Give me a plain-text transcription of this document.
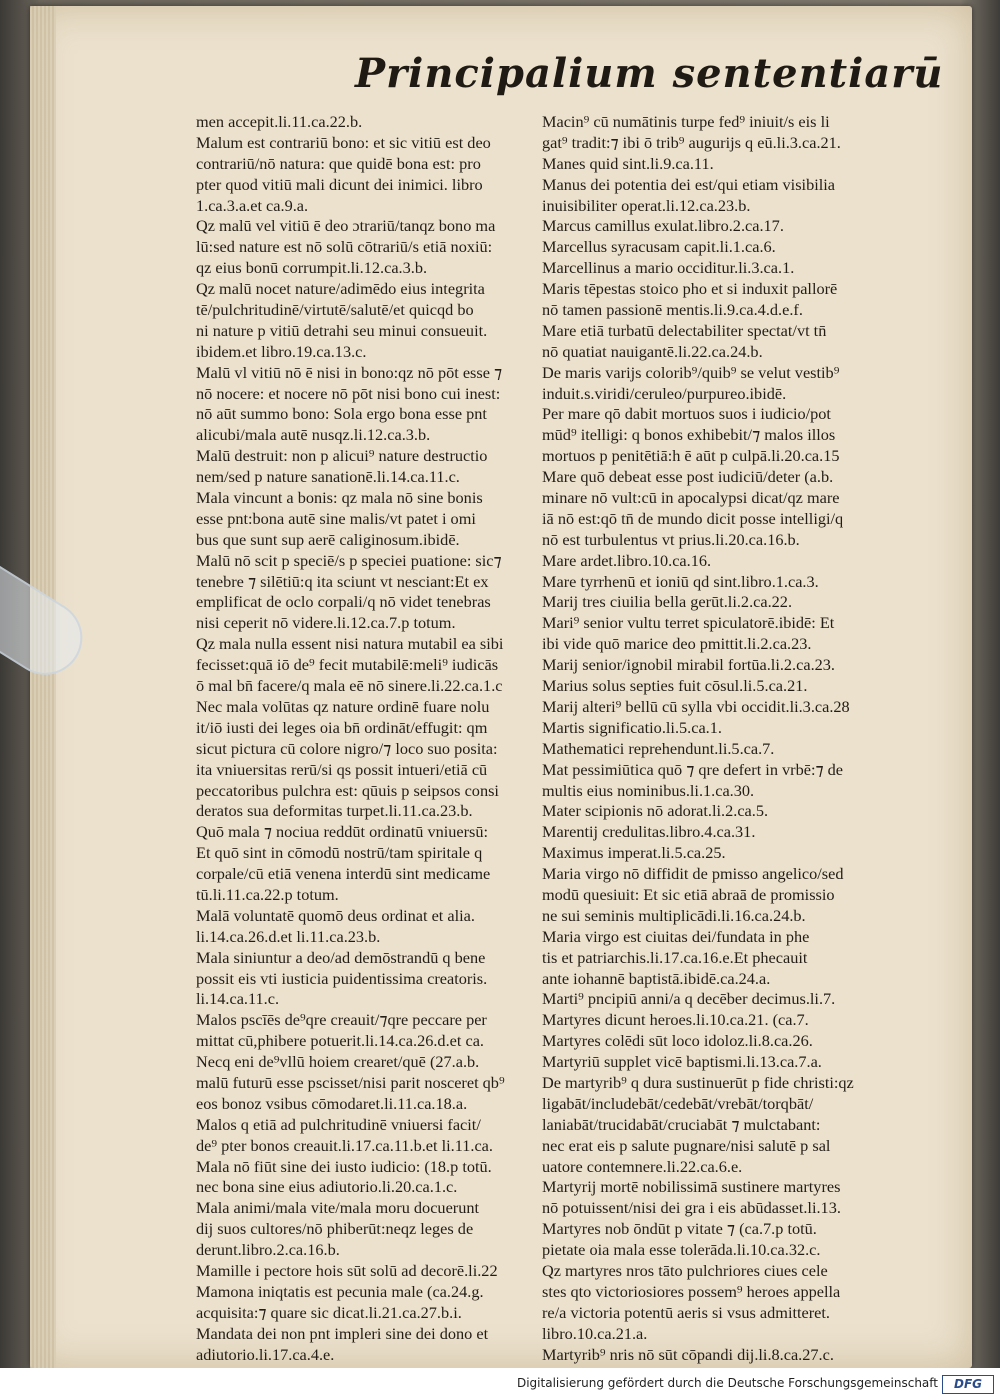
Principalium sententiarū
men accepit.li.11.ca.22.b.
Malum est contrariū bono: et sic vitiū est deo
contrariū/nō natura: que quidē bona est: pro
pter quod vitiū mali dicunt dei inimici. libro
1.ca.3.a.et ca.9.a.
Qz malū vel vitiū ē deo ɔtrariū/tanqz bono ma
lū:sed nature est nō solū cōtrariū/s etiā noxiū:
qz eius bonū corrumpit.li.12.ca.3.b.
Qz malū nocet nature/adimēdo eius integrita
tē/pulchritudinē/virtutē/salutē/et quicqd bo
ni nature p vitiū detrahi seu minui consueuit.
ibidem.et libro.19.ca.13.c.
Malū vl vitiū nō ē nisi in bono:qz nō pōt esse ⁊
nō nocere: et nocere nō pōt nisi bono cui inest:
nō aūt summo bono: Sola ergo bona esse pnt
alicubi/mala autē nusqz.li.12.ca.3.b.
Malū destruit: non p alicui⁹ nature destructio
nem/sed p nature sanationē.li.14.ca.11.c.
Mala vincunt a bonis: qz mala nō sine bonis
esse pnt:bona autē sine malis/vt patet i omi
bus que sunt sup aerē caliginosum.ibidē.
Malū nō scit p speciē/s p speciei puatione: sic⁊
tenebre ⁊ silētiū:q ita sciunt vt nesciant:Et ex
emplificat de oclo corpali/q nō videt tenebras
nisi ceperit nō videre.li.12.ca.7.p totum.
Qz mala nulla essent nisi natura mutabil ea sibi
fecisset:quā iō de⁹ fecit mutabilē:meli⁹ iudicās
ō mal bn̄ facere/q mala eē nō sinere.li.22.ca.1.c
Nec mala volūtas qz nature ordinē fuare nolu
it/iō iusti dei leges oia bn̄ ordināt/effugit: qm
sicut pictura cū colore nigro/⁊ loco suo posita:
ita vniuersitas rerū/si qs possit intueri/etiā cū
peccatoribus pulchra est: qūuis p seipsos consi
deratos sua deformitas turpet.li.11.ca.23.b.
Quō mala ⁊ nociua reddūt ordinatū vniuersū:
Et quō sint in cōmodū nostrū/tam spiritale q
corpale/cū etiā venena interdū sint medicame
tū.li.11.ca.22.p totum.
Malā voluntatē quomō deus ordinat et alia.
li.14.ca.26.d.et li.11.ca.23.b.
Mala siniuntur a deo/ad demōstrandū q bene
possit eis vti iusticia puidentissima creatoris.
li.14.ca.11.c.
Malos pscīēs de⁹qre creauit/⁊qre peccare per
mittat cū,phibere potuerit.li.14.ca.26.d.et ca.
Necq eni de⁹vllū hoiem crearet/quē (27.a.b.
malū futurū esse pscisset/nisi parit nosceret qb⁹
eos bonoz vsibus cōmodaret.li.11.ca.18.a.
Malos q etiā ad pulchritudinē vniuersi facit/
de⁹ pter bonos creauit.li.17.ca.11.b.et li.11.ca.
Mala nō fiūt sine dei iusto iudicio: (18.p totū.
nec bona sine eius adiutorio.li.20.ca.1.c.
Mala animi/mala vite/mala moru docuerunt
dij suos cultores/nō phiberūt:neqz leges de
derunt.libro.2.ca.16.b.
Mamille i pectore hois sūt solū ad decorē.li.22
Mamona iniqtatis est pecunia male (ca.24.g.
acquisita:⁊ quare sic dicat.li.21.ca.27.b.i.
Mandata dei non pnt impleri sine dei dono et
adiutorio.li.17.ca.4.e.
Macin⁹ cū numātinis turpe fed⁹ iniuit/s eis li
gat⁹ tradit:⁊ ibi ō trib⁹ augurijs q eū.li.3.ca.21.
Manes quid sint.li.9.ca.11.
Manus dei potentia dei est/qui etiam visibilia
inuisibiliter operat.li.12.ca.23.b.
Marcus camillus exulat.libro.2.ca.17.
Marcellus syracusam capit.li.1.ca.6.
Marcellinus a mario occiditur.li.3.ca.1.
Maris tēpestas stoico pho et si induxit pallorē
nō tamen passionē mentis.li.9.ca.4.d.e.f.
Mare etiā turbatū delectabiliter spectat/vt tn̄
nō quatiat nauigantē.li.22.ca.24.b.
De maris varijs colorib⁹/quib⁹ se velut vestib⁹
induit.s.viridi/ceruleo/purpureo.ibidē.
Per mare qō dabit mortuos suos i iudicio/pot
mūd⁹ itelligi: q bonos exhibebit/⁊ malos illos
mortuos p penitētiā:h ē aūt p culpā.li.20.ca.15
Mare quō debeat esse post iudiciū/deter (a.b.
minare nō vult:cū in apocalypsi dicat/qz mare
iā nō est:qō tn̄ de mundo dicit posse intelligi/q
nō est turbulentus vt prius.li.20.ca.16.b.
Mare ardet.libro.10.ca.16.
Mare tyrrhenū et ioniū qd sint.libro.1.ca.3.
Marij tres ciuilia bella gerūt.li.2.ca.22.
Mari⁹ senior vultu terret spiculatorē.ibidē: Et
ibi vide quō marice deo pmittit.li.2.ca.23.
Marij senior/ignobil mirabil fortūa.li.2.ca.23.
Marius solus septies fuit cōsul.li.5.ca.21.
Marij alteri⁹ bellū cū sylla vbi occidit.li.3.ca.28
Martis significatio.li.5.ca.1.
Mathematici reprehendunt.li.5.ca.7.
Mat pessimiūtica quō ⁊ qre defert in vrbē:⁊ de
multis eius nominibus.li.1.ca.30.
Mater scipionis nō adorat.li.2.ca.5.
Marentij credulitas.libro.4.ca.31.
Maximus imperat.li.5.ca.25.
Maria virgo nō diffidit de pmisso angelico/sed
modū quesiuit: Et sic etiā abraā de promissio
ne sui seminis multiplicādi.li.16.ca.24.b.
Maria virgo est ciuitas dei/fundata in phe
tis et patriarchis.li.17.ca.16.e.Et phecauit
ante iohannē baptistā.ibidē.ca.24.a.
Marti⁹ pncipiū anni/a q decēber decimus.li.7.
Martyres dicunt heroes.li.10.ca.21. (ca.7.
Martyres colēdi sūt loco idoloz.li.8.ca.26.
Martyriū supplet vicē baptismi.li.13.ca.7.a.
De martyrib⁹ q dura sustinuerūt p fide christi:qz
ligabāt/includebāt/cedebāt/vrebāt/torqbāt/
laniabāt/trucidabāt/cruciabāt ⁊ mulctabant:
nec erat eis p salute pugnare/nisi salutē p sal
uatore contemnere.li.22.ca.6.e.
Martyrij mortē nobilissimā sustinere martyres
nō potuissent/nisi dei gra i eis abūdasset.li.13.
Martyres nob ōndūt p vitate ⁊ (ca.7.p totū.
pietate oia mala esse tolerāda.li.10.ca.32.c.
Qz martyres nros tāto pulchriores ciues cele
stes qto victoriosiores possem⁹ heroes appella
re/a victoria potentū aeris si vsus admitteret.
libro.10.ca.21.a.
Martyrib⁹ nris nō sūt cōpandi dij.li.8.ca.27.c.
Digitalisierung gefördert durch die Deutsche Forschungsgemeinschaft	DFG
